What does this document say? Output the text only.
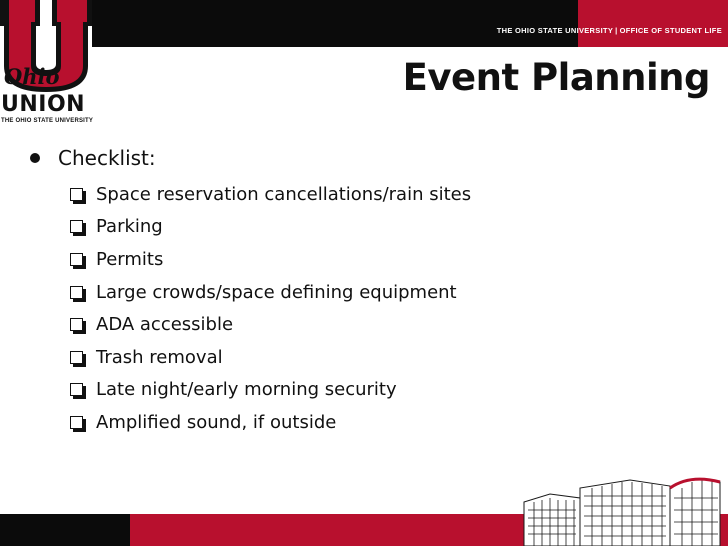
THE OHIO STATE UNIVERSITY | OFFICE OF STUDENT LIFE
Ohio
UNION
THE OHIO STATE UNIVERSITY
Event Planning
Checklist:
Space reservation cancellations/rain sites
Parking
Permits
Large crowds/space defining equipment
ADA accessible
Trash removal
Late night/early morning security
Amplified sound, if outside
